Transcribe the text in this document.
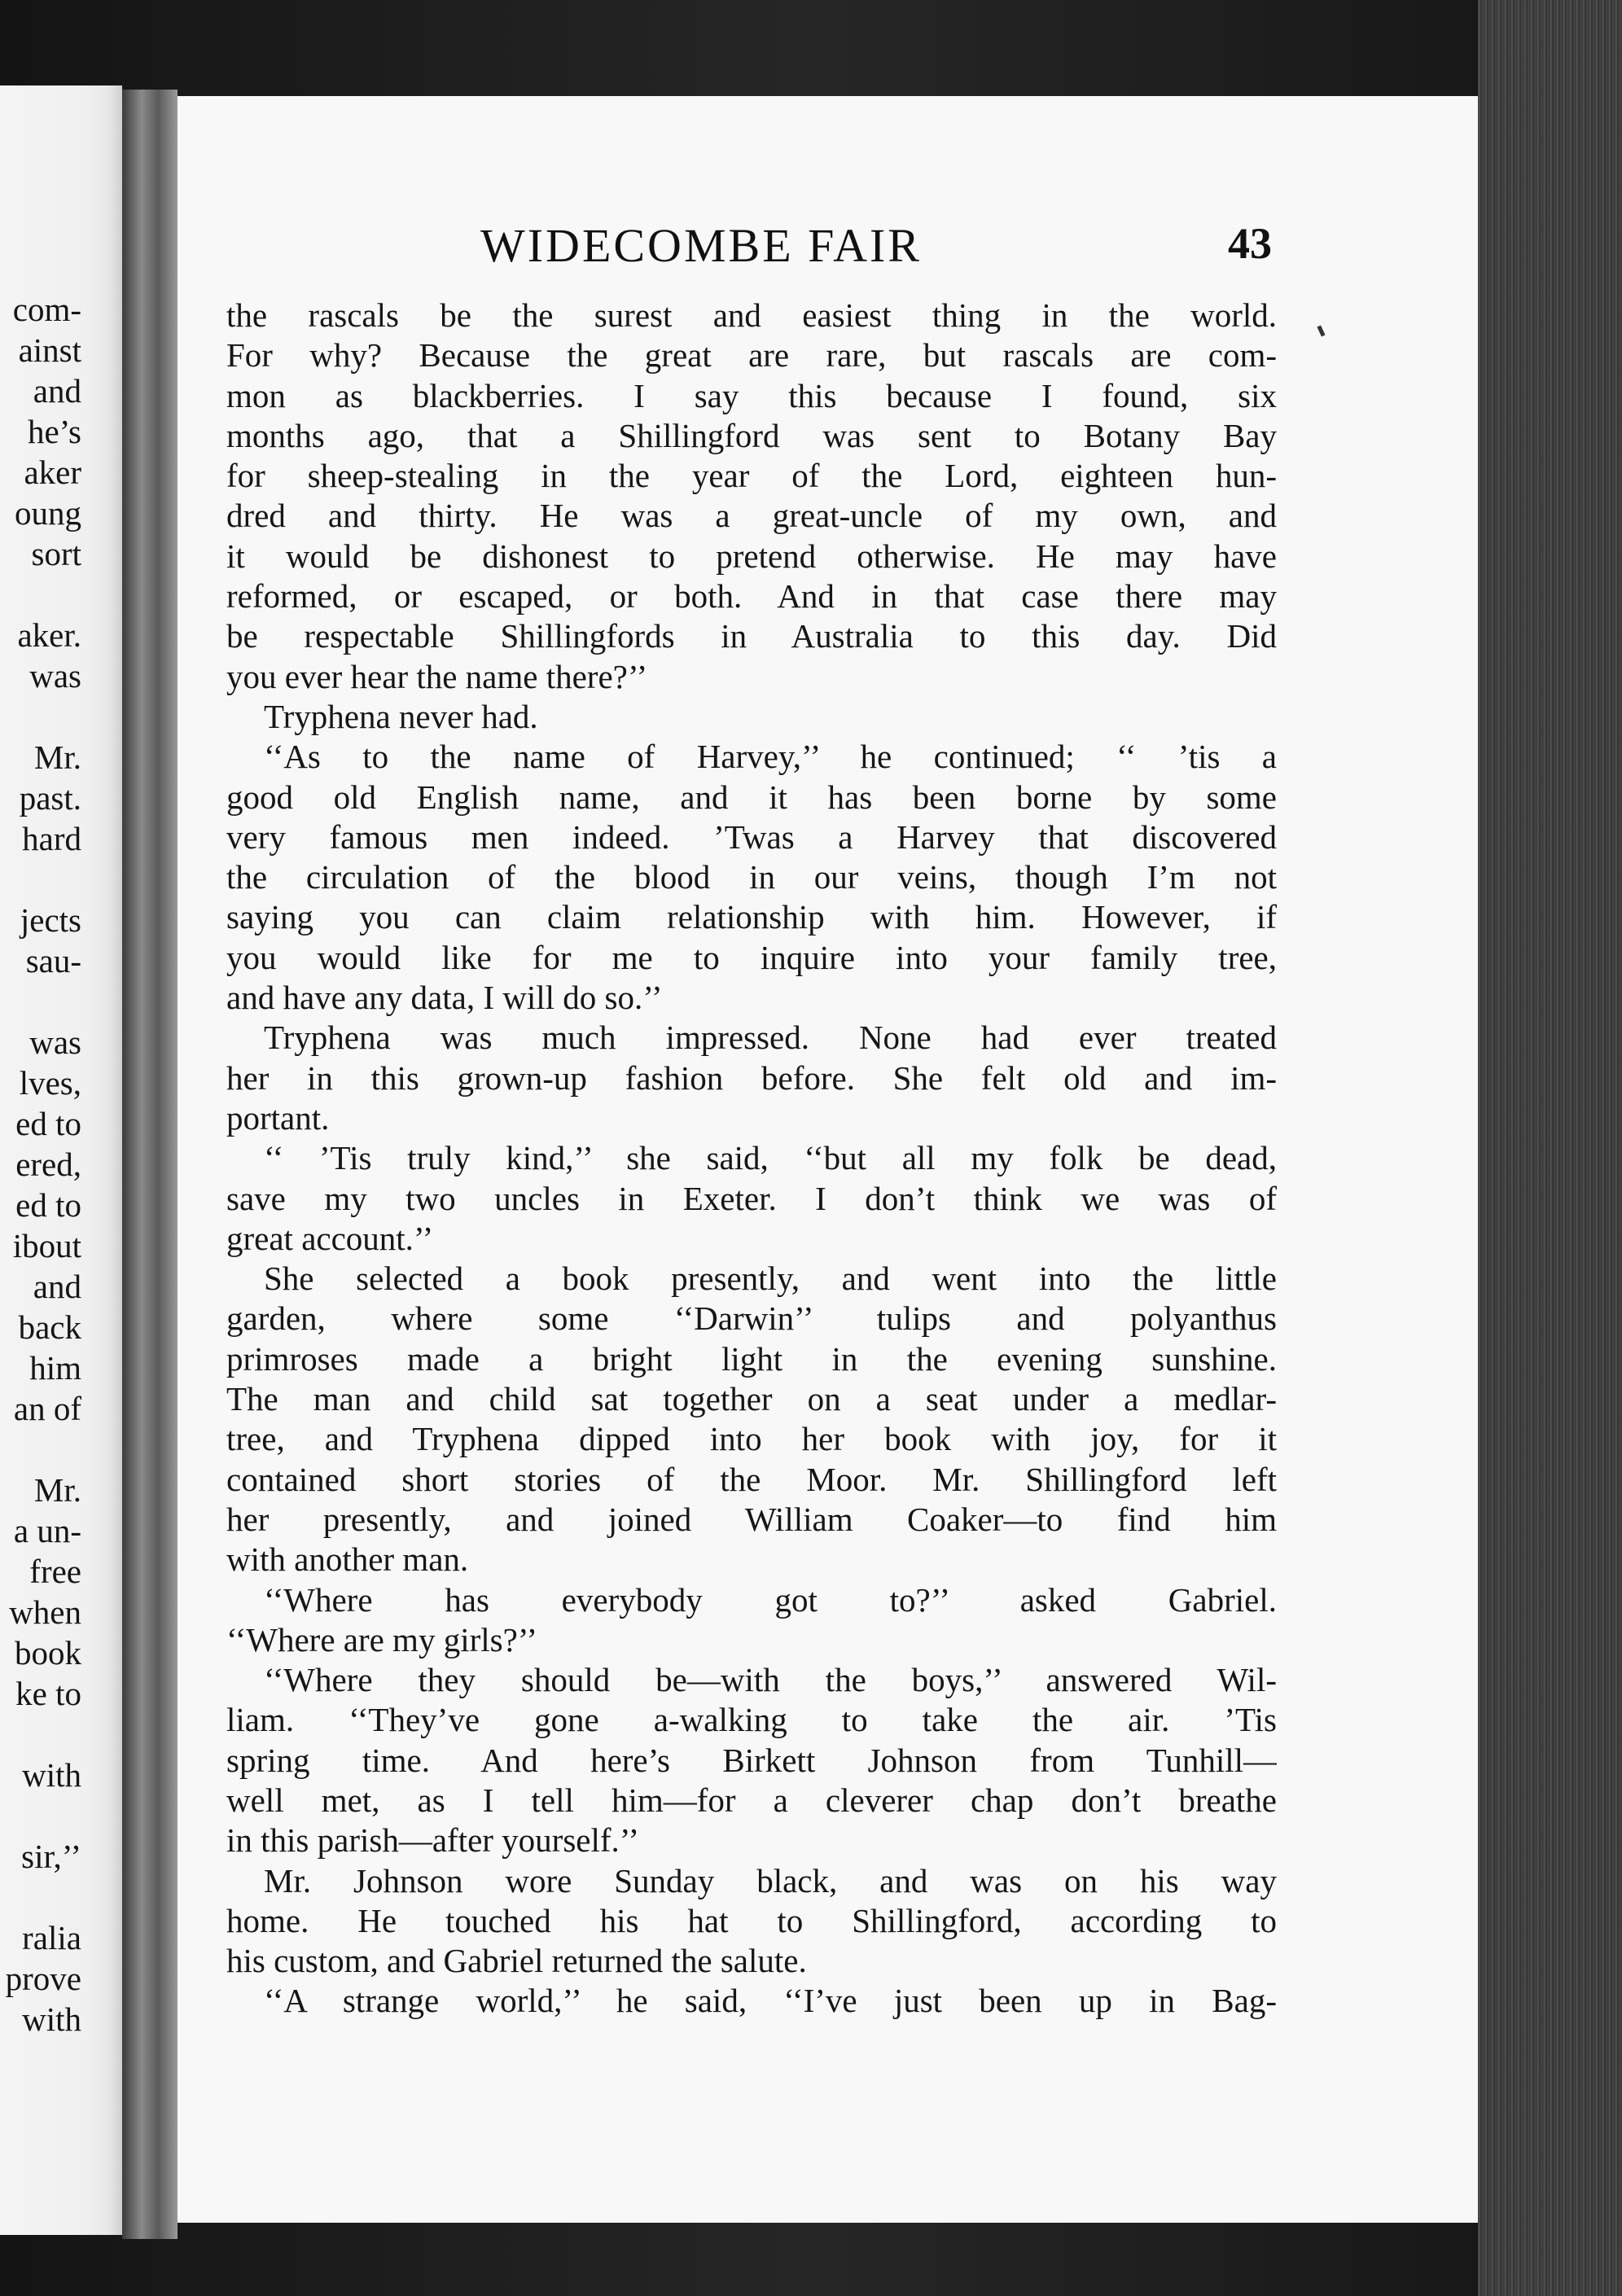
com-
ainst
and
he’s
aker
oung
sort
aker.
was
Mr.
past.
hard
jects
sau-
was
lves,
ed to
ered,
ed to
ibout
and
back
him
an of
Mr.
a un-
free
when
book
ke to
with
sir,’’
ralia
prove
with
WIDECOMBE FAIR	43
the rascals be the surest and easiest thing in the world.
For why? Because the great are rare, but rascals are com-
mon as blackberries. I say this because I found, six
months ago, that a Shillingford was sent to Botany Bay
for sheep-stealing in the year of the Lord, eighteen hun-
dred and thirty. He was a great-uncle of my own, and
it would be dishonest to pretend otherwise. He may have
reformed, or escaped, or both. And in that case there may
be respectable Shillingfords in Australia to this day. Did
you ever hear the name there?’’
Tryphena never had.
‘‘As to the name of Harvey,’’ he continued; ‘‘ ’tis a
good old English name, and it has been borne by some
very famous men indeed. ’Twas a Harvey that discovered
the circulation of the blood in our veins, though I’m not
saying you can claim relationship with him. However, if
you would like for me to inquire into your family tree,
and have any data, I will do so.’’
Tryphena was much impressed. None had ever treated
her in this grown-up fashion before. She felt old and im-
portant.
‘‘ ’Tis truly kind,’’ she said, ‘‘but all my folk be dead,
save my two uncles in Exeter. I don’t think we was of
great account.’’
She selected a book presently, and went into the little
garden, where some ‘‘Darwin’’ tulips and polyanthus
primroses made a bright light in the evening sunshine.
The man and child sat together on a seat under a medlar-
tree, and Tryphena dipped into her book with joy, for it
contained short stories of the Moor. Mr. Shillingford left
her presently, and joined William Coaker—to find him
with another man.
‘‘Where has everybody got to?’’ asked Gabriel.
‘‘Where are my girls?’’
‘‘Where they should be—with the boys,’’ answered Wil-
liam. ‘‘They’ve gone a-walking to take the air. ’Tis
spring time. And here’s Birkett Johnson from Tunhill—
well met, as I tell him—for a cleverer chap don’t breathe
in this parish—after yourself.’’
Mr. Johnson wore Sunday black, and was on his way
home. He touched his hat to Shillingford, according to
his custom, and Gabriel returned the salute.
‘‘A strange world,’’ he said, ‘‘I’ve just been up in Bag-
